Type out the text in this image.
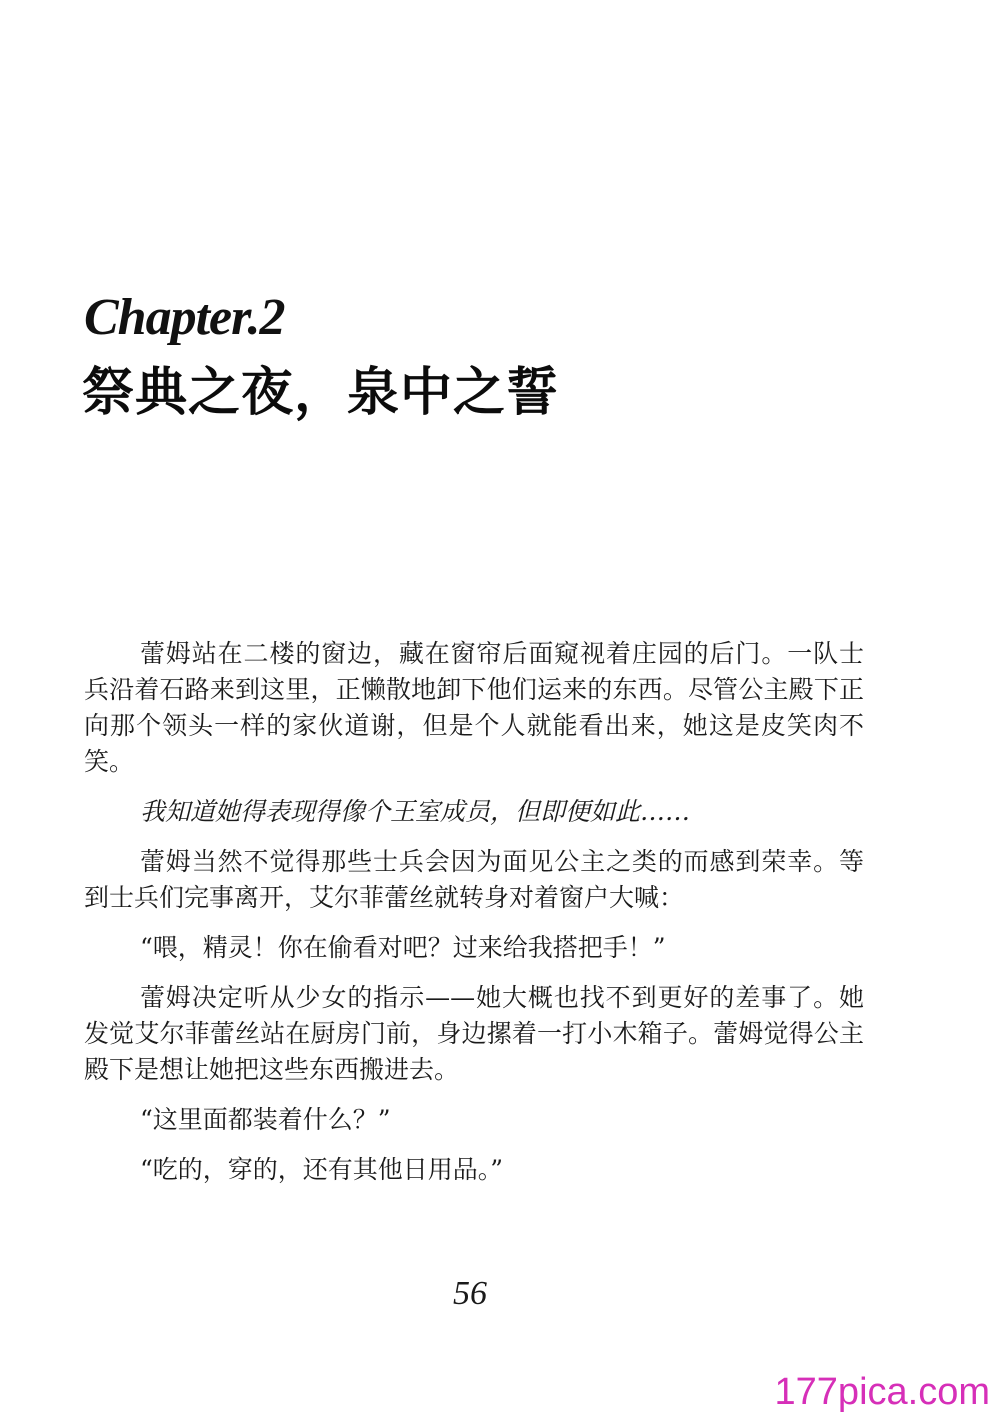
Chapter.2
祭典之夜，泉中之誓

蕾姆站在二楼的窗边，藏在窗帘后面窥视着庄园的后门。一队士兵沿着石路来到这里，正懒散地卸下他们运来的东西。尽管公主殿下正向那个领头一样的家伙道谢，但是个人就能看出来，她这是皮笑肉不笑。

我知道她得表现得像个王室成员，但即便如此……

蕾姆当然不觉得那些士兵会因为面见公主之类的而感到荣幸。等到士兵们完事离开，艾尔菲蕾丝就转身对着窗户大喊：

“喂，精灵！你在偷看对吧？过来给我搭把手！”

蕾姆决定听从少女的指示——她大概也找不到更好的差事了。她发觉艾尔菲蕾丝站在厨房门前，身边摞着一打小木箱子。蕾姆觉得公主殿下是想让她把这些东西搬进去。

“这里面都装着什么？”

“吃的，穿的，还有其他日用品。”

56
177pica.com
